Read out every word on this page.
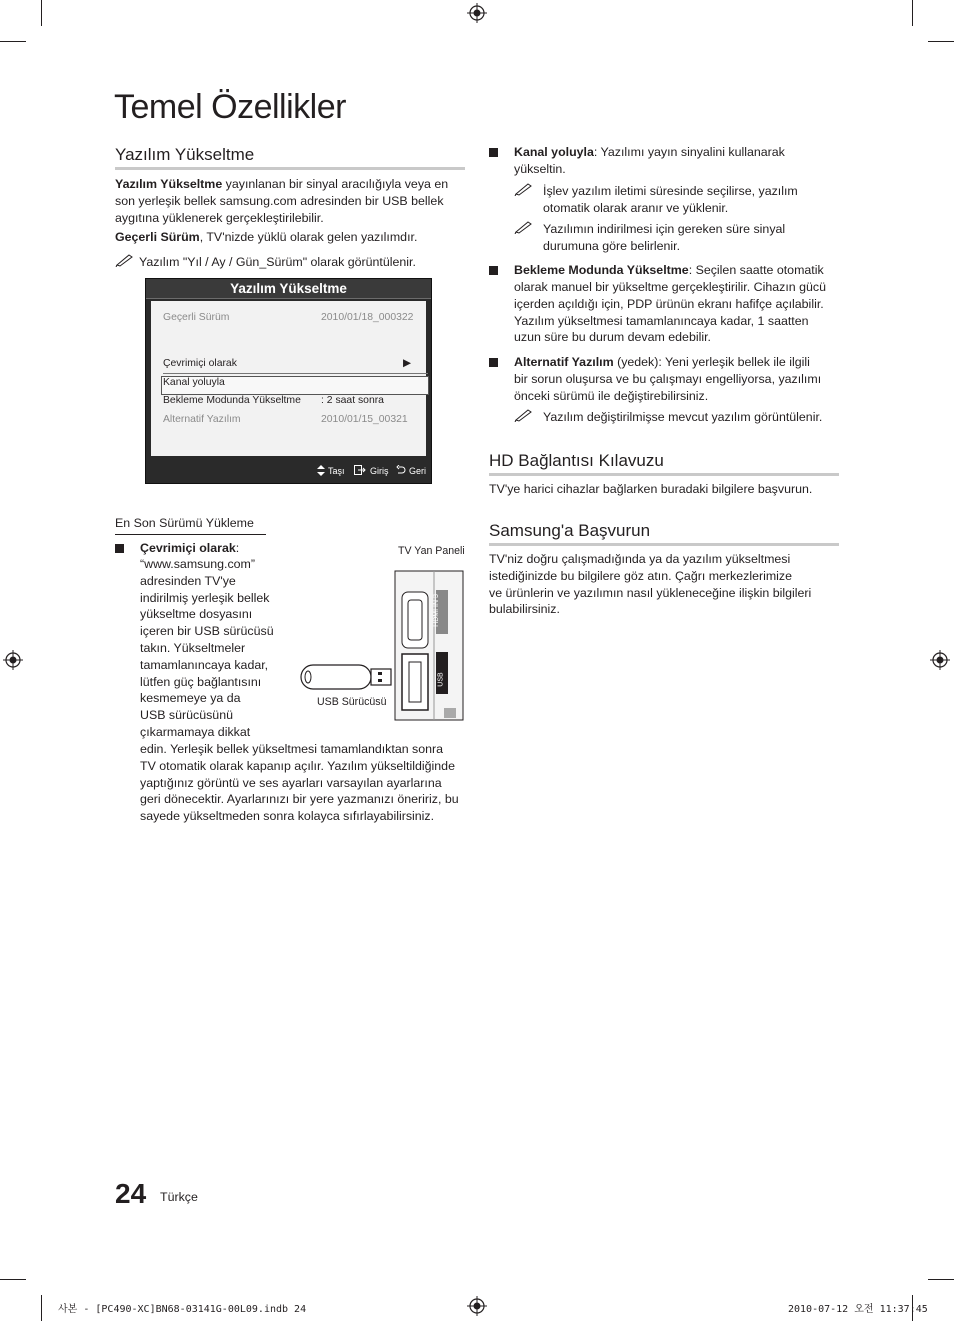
Temel Özellikler
Yazılım Yükseltme
Yazılım Yükseltme yayınlanan bir sinyal aracılığıyla veya en
son yerleşik bellek samsung.com adresinden bir USB bellek
aygıtına yüklenerek gerçekleştirilebilir.
Geçerli Sürüm, TV'nizde yüklü olarak gelen yazılımdır.
Yazılım "Yıl / Ay / Gün_Sürüm" olarak görüntülenir.
Yazılım Yükseltme
Geçerli Sürüm	2010/01/18_000322
Çevrimiçi olarak	▶
Kanal yoluyla
Bekleme Modunda Yükseltme : 2 saat sonra
Alternatif Yazılım	2010/01/15_00321
Taşı	Giriş Geri
En Son Sürümü Yükleme
Çevrimiçi olarak:
“www.samsung.com”
adresinden TV'ye
indirilmiş yerleşik bellek
yükseltme dosyasını
içeren bir USB sürücüsü
takın. Yükseltmeler
tamamlanıncaya kadar,
lütfen güç bağlantısını
kesmemeye ya da
USB sürücüsünü
çıkarmamaya dikkat
edin. Yerleşik bellek yükseltmesi tamamlandıktan sonra
TV otomatik olarak kapanıp açılır. Yazılım yükseltildiğinde
yaptığınız görüntü ve ses ayarları varsayılan ayarlarına
geri dönecektir. Ayarlarınızı bir yere yazmanızı öneririz, bu
sayede yükseltmeden sonra kolayca sıfırlayabilirsiniz.
TV Yan Paneli
HDMI IN 3
USB
USB Sürücüsü
Kanal yoluyla: Yazılımı yayın sinyalini kullanarak
yükseltin.
İşlev yazılım iletimi süresinde seçilirse, yazılım
otomatik olarak aranır ve yüklenir.
Yazılımın indirilmesi için gereken süre sinyal
durumuna göre belirlenir.
Bekleme Modunda Yükseltme: Seçilen saatte otomatik
olarak manuel bir yükseltme gerçekleştirilir. Cihazın gücü
içerden açıldığı için, PDP ürünün ekranı hafifçe açılabilir.
Yazılım yükseltmesi tamamlanıncaya kadar, 1 saatten
uzun süre bu durum devam edebilir.
Alternatif Yazılım (yedek): Yeni yerleşik bellek ile ilgili
bir sorun oluşursa ve bu çalışmayı engelliyorsa, yazılımı
önceki sürümü ile değiştirebilirsiniz.
Yazılım değiştirilmişse mevcut yazılım görüntülenir.
HD Bağlantısı Kılavuzu
TV'ye harici cihazlar bağlarken buradaki bilgilere başvurun.
Samsung'a Başvurun
TV'niz doğru çalışmadığında ya da yazılım yükseltmesi
istediğinizde bu bilgilere göz atın. Çağrı merkezlerimize
ve ürünlerin ve yazılımın nasıl yükleneceğine ilişkin bilgileri
bulabilirsiniz.
24 Türkçe
사본 - [PC490-XC]BN68-03141G-00L09.indb 24	2010-07-12 오전 11:37:45
